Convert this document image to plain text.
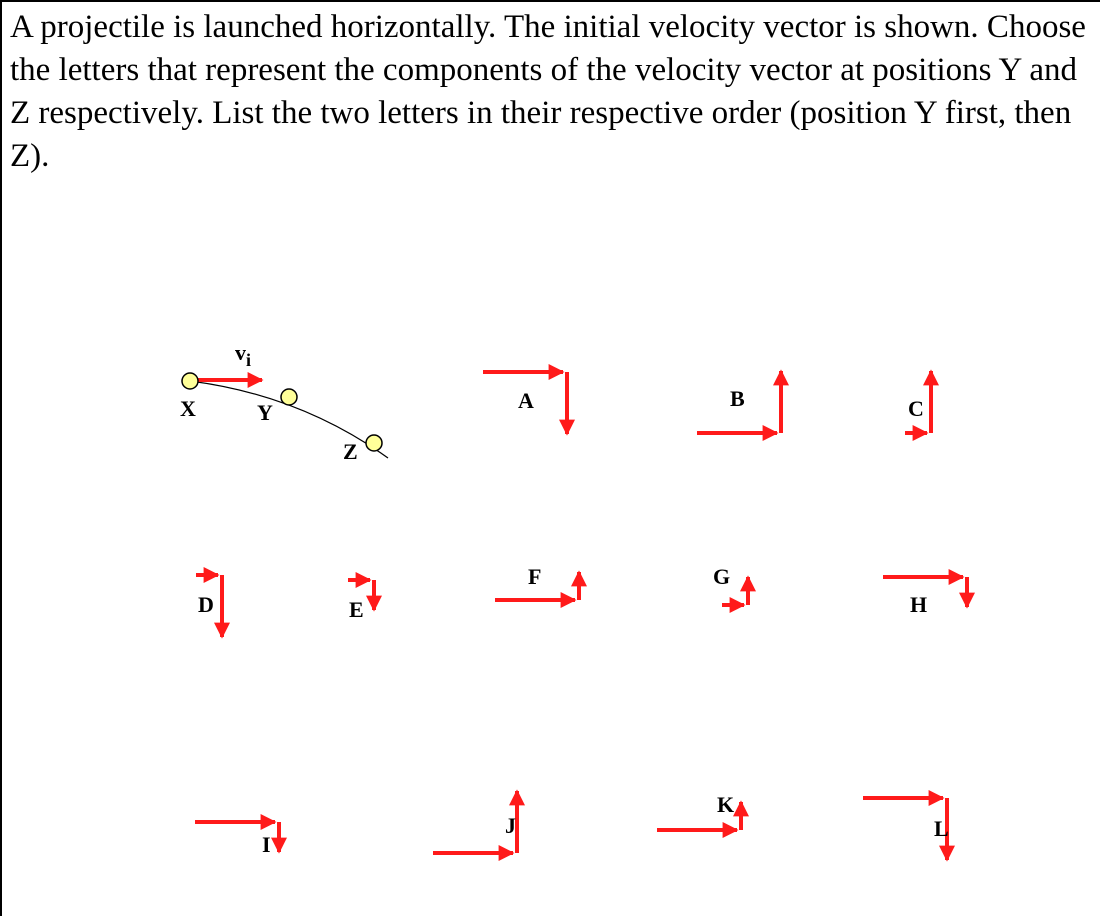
A projectile is launched horizontally. The initial velocity vector is shown. Choose the letters that represent the components of the velocity vector at positions Y and Z respectively. List the two letters in their respective order (position Y first, then Z).

$v_i$
X	Y
Z
A	B	C
D	E
F	G
H
I
J
K
L
